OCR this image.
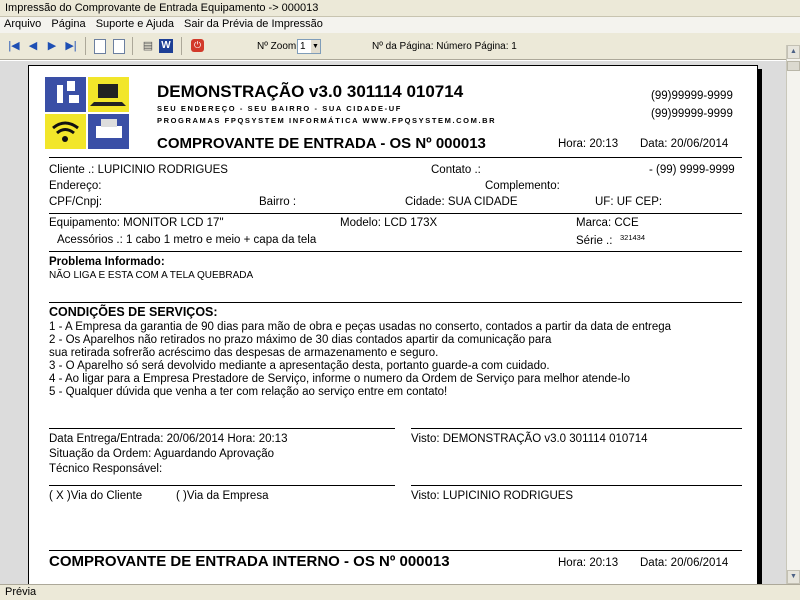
Impressão do Comprovante de Entrada Equipamento -> 000013
Arquivo Página Suporte e Ajuda Sair da Prévia de Impressão
|◀ ◀ ▶ ▶|	▤ W	⏻	Nº Zoom 1 ▼	Nº da Página: Número Página: 1	▲
▼
DEMONSTRAÇÃO v3.0 301114 010714
SEU ENDEREÇO - SEU BAIRRO - SUA CIDADE-UF
PROGRAMAS FPQSYSTEM INFORMÁTICA WWW.FPQSYSTEM.COM.BR
(99)99999-9999
(99)99999-9999
COMPROVANTE DE ENTRADA - OS Nº 000013	Hora: 20:13 Data: 20/06/2014
Cliente .: LUPICINIO RODRIGUES	Contato .:	- (99) 9999-9999
Endereço:	Complemento:
CPF/Cnpj:	Bairro :	Cidade: SUA CIDADE	UF: UF CEP:
Equipamento: MONITOR LCD 17"	Modelo: LCD 173X	Marca: CCE
Acessórios .: 1 cabo 1 metro e meio + capa da tela	Série .: 321434
Problema Informado:
NÃO LIGA E ESTA COM A TELA QUEBRADA
CONDIÇÕES DE SERVIÇOS:
1 - A Empresa da garantia de 90 dias para mão de obra e peças usadas no conserto, contados a partir da data de entrega
2 - Os Aparelhos não retirados no prazo máximo de 30 dias contados apartir da comunicação para
sua retirada sofrerão acréscimo das despesas de armazenamento e seguro.
3 - O Aparelho só será devolvido mediante a apresentação desta, portanto guarde-a com cuidado.
4 - Ao ligar para a Empresa Prestadore de Serviço, informe o numero da Ordem de Serviço para melhor atende-lo
5 - Qualquer dúvida que venha a ter com relação ao serviço entre em contato!
Data Entrega/Entrada: 20/06/2014 Hora: 20:13	Visto: DEMONSTRAÇÃO v3.0 301114 010714
Situação da Ordem: Aguardando Aprovação
Técnico Responsável:
( X )Via do Cliente	( )Via da Empresa	Visto: LUPICINIO RODRIGUES
COMPROVANTE DE ENTRADA INTERNO - OS Nº 000013	Hora: 20:13 Data: 20/06/2014
Prévia
